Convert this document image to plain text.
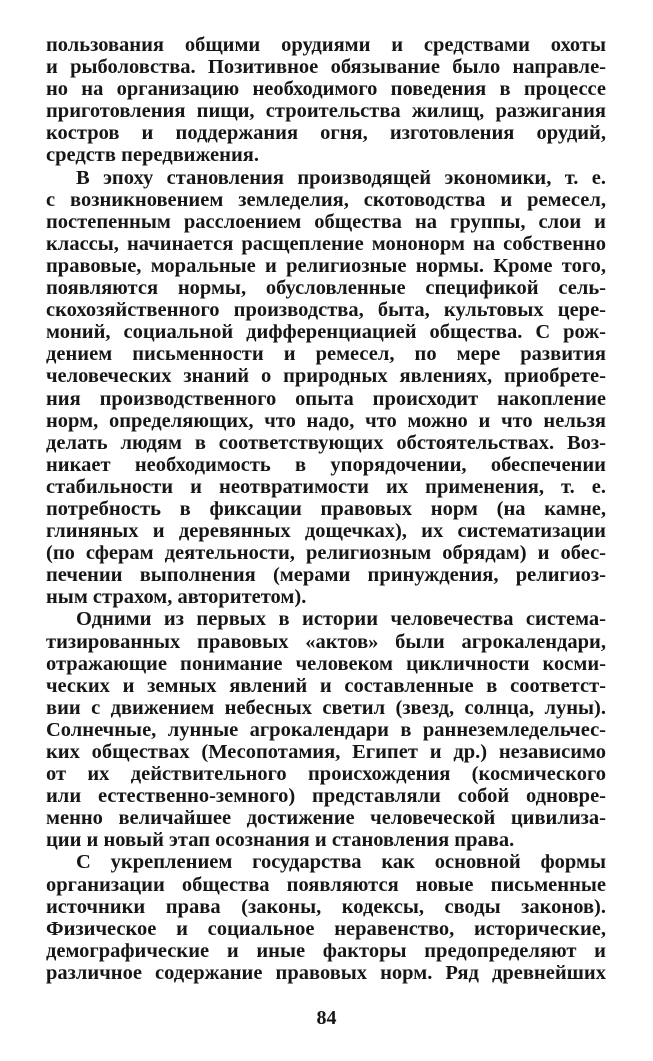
пользования общими орудиями и средствами охоты
и рыболовства. Позитивное обязывание было направле-
но на организацию необходимого поведения в процессе
приготовления пищи, строительства жилищ, разжигания
костров и поддержания огня, изготовления орудий,
средств передвижения.
В эпоху становления производящей экономики, т. е.
с возникновением земледелия, скотоводства и ремесел,
постепенным расслоением общества на группы, слои и
классы, начинается расщепление мононорм на собственно
правовые, моральные и религиозные нормы. Кроме того,
появляются нормы, обусловленные спецификой сель-
скохозяйственного производства, быта, культовых цере-
моний, социальной дифференциацией общества. С рож-
дением письменности и ремесел, по мере развития
человеческих знаний о природных явлениях, приобрете-
ния производственного опыта происходит накопление
норм, определяющих, что надо, что можно и что нельзя
делать людям в соответствующих обстоятельствах. Воз-
никает необходимость в упорядочении, обеспечении
стабильности и неотвратимости их применения, т. е.
потребность в фиксации правовых норм (на камне,
глиняных и деревянных дощечках), их систематизации
(по сферам деятельности, религиозным обрядам) и обес-
печении выполнения (мерами принуждения, религиоз-
ным страхом, авторитетом).
Одними из первых в истории человечества система-
тизированных правовых «актов» были агрокалендари,
отражающие понимание человеком цикличности косми-
ческих и земных явлений и составленные в соответст-
вии с движением небесных светил (звезд, солнца, луны).
Солнечные, лунные агрокалендари в раннеземледельчес-
ких обществах (Месопотамия, Египет и др.) независимо
от их действительного происхождения (космического
или естественно-земного) представляли собой одновре-
менно величайшее достижение человеческой цивилиза-
ции и новый этап осознания и становления права.
С укреплением государства как основной формы
организации общества появляются новые письменные
источники права (законы, кодексы, своды законов).
Физическое и социальное неравенство, исторические,
демографические и иные факторы предопределяют и
различное содержание правовых норм. Ряд древнейших
84
